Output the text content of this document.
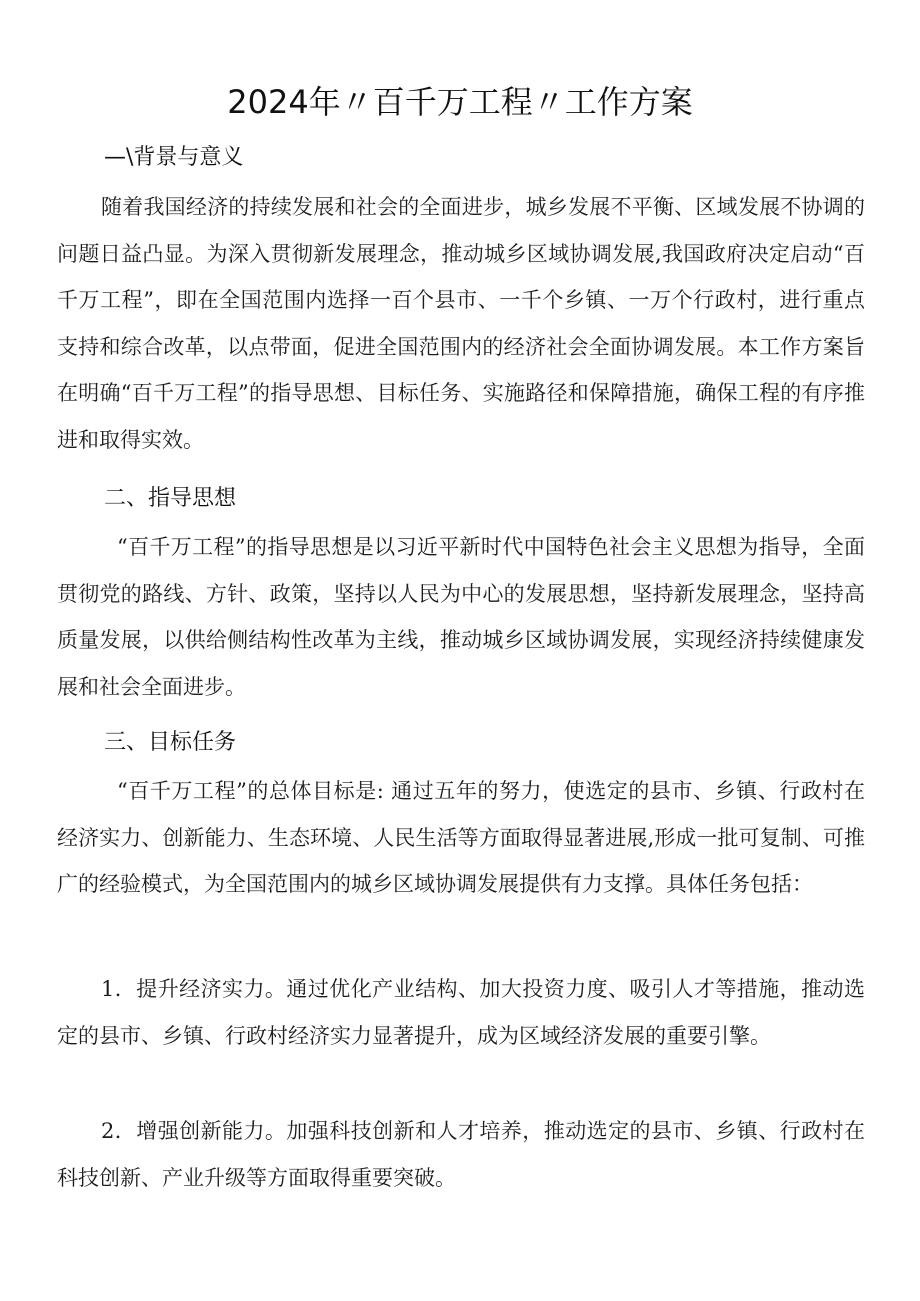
2024年〃百千万工程〃工作方案
—\背景与意义

随着我国经济的持续发展和社会的全面进步，城乡发展不平衡、区域发展不协调的问题日益凸显。为深入贯彻新发展理念，推动城乡区域协调发展,我国政府决定启动“百千万工程”，即在全国范围内选择一百个县市、一千个乡镇、一万个行政村，进行重点支持和综合改革，以点带面，促进全国范围内的经济社会全面协调发展。本工作方案旨在明确“百千万工程”的指导思想、目标任务、实施路径和保障措施，确保工程的有序推进和取得实效。

二、指导思想

“百千万工程”的指导思想是以习近平新时代中国特色社会主义思想为指导，全面贯彻党的路线、方针、政策，坚持以人民为中心的发展思想，坚持新发展理念，坚持高质量发展，以供给侧结构性改革为主线，推动城乡区域协调发展，实现经济持续健康发展和社会全面进步。

三、目标任务

“百千万工程”的总体目标是: 通过五年的努力，使选定的县市、乡镇、行政村在经济实力、创新能力、生态环境、人民生活等方面取得显著进展,形成一批可复制、可推广的经验模式，为全国范围内的城乡区域协调发展提供有力支撑。具体任务包括：

1．提升经济实力。通过优化产业结构、加大投资力度、吸引人才等措施，推动选定的县市、乡镇、行政村经济实力显著提升，成为区域经济发展的重要引擎。

2．增强创新能力。加强科技创新和人才培养，推动选定的县市、乡镇、行政村在科技创新、产业升级等方面取得重要突破。
